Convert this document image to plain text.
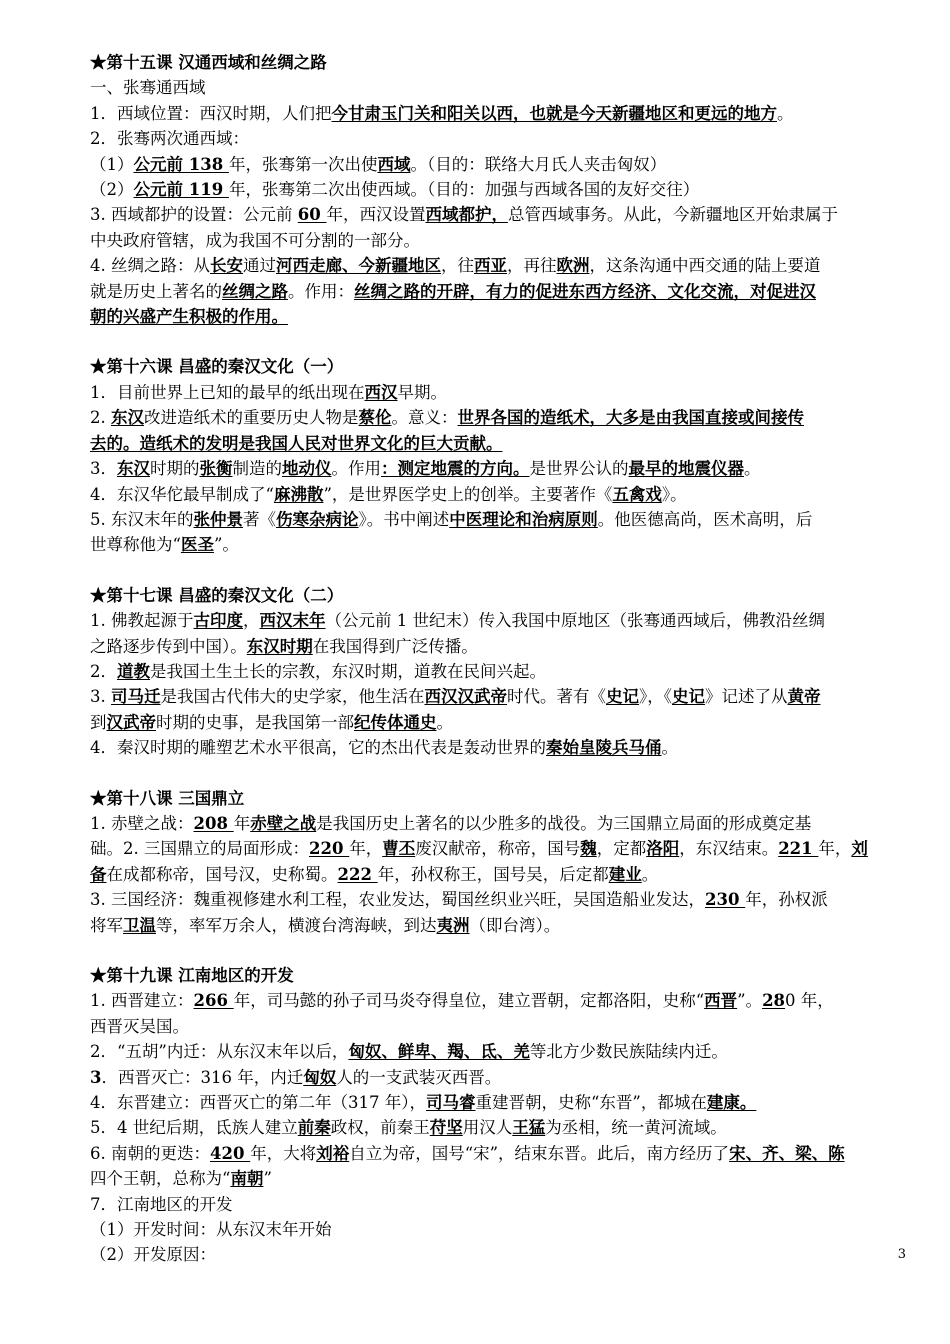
★第十五课 汉通西域和丝绸之路
一、张骞通西域
1．西域位置：西汉时期，人们把今甘肃玉门关和阳关以西，也就是今天新疆地区和更远的地方。
2．张骞两次通西域：
（1）公元前 138 年，张骞第一次出使西域。（目的：联络大月氏人夹击匈奴）
（2）公元前 119 年，张骞第二次出使西域。（目的：加强与西域各国的友好交往）
3. 西域都护的设置：公元前 60 年，西汉设置西域都护，总管西域事务。从此，今新疆地区开始隶属于
中央政府管辖，成为我国不可分割的一部分。
4. 丝绸之路：从长安通过河西走廊、今新疆地区，往西亚，再往欧洲，这条沟通中西交通的陆上要道
就是历史上著名的丝绸之路。作用：丝绸之路的开辟，有力的促进东西方经济、文化交流，对促进汉
朝的兴盛产生积极的作用。
★第十六课 昌盛的秦汉文化（一）
1．目前世界上已知的最早的纸出现在西汉早期。
2. 东汉改进造纸术的重要历史人物是蔡伦。意义：世界各国的造纸术，大多是由我国直接或间接传
去的。造纸术的发明是我国人民对世界文化的巨大贡献。
3．东汉时期的张衡制造的地动仪。作用：测定地震的方向。是世界公认的最早的地震仪器。
4．东汉华佗最早制成了“麻沸散”，是世界医学史上的创举。主要著作《五禽戏》。
5. 东汉末年的张仲景著《伤寒杂病论》。书中阐述中医理论和治病原则。他医德高尚，医术高明，后
世尊称他为“医圣”。
★第十七课 昌盛的秦汉文化（二）
1. 佛教起源于古印度，西汉末年（公元前 1 世纪末）传入我国中原地区（张骞通西域后，佛教沿丝绸
之路逐步传到中国）。东汉时期在我国得到广泛传播。
2．道教是我国土生土长的宗教，东汉时期，道教在民间兴起。
3. 司马迁是我国古代伟大的史学家，他生活在西汉汉武帝时代。著有《史记》，《史记》记述了从黄帝
到汉武帝时期的史事，是我国第一部纪传体通史。
4．秦汉时期的雕塑艺术水平很高，它的杰出代表是轰动世界的秦始皇陵兵马俑。
★第十八课 三国鼎立
1. 赤壁之战：208 年赤壁之战是我国历史上著名的以少胜多的战役。为三国鼎立局面的形成奠定基
础。2. 三国鼎立的局面形成：220 年，曹丕废汉献帝，称帝，国号魏，定都洛阳，东汉结束。221 年，刘
备在成都称帝，国号汉，史称蜀。222 年，孙权称王，国号吴，后定都建业。
3. 三国经济：魏重视修建水利工程，农业发达，蜀国丝织业兴旺，吴国造船业发达，230 年，孙权派
将军卫温等，率军万余人，横渡台湾海峡，到达夷洲（即台湾）。
★第十九课 江南地区的开发
1. 西晋建立：266 年，司马懿的孙子司马炎夺得皇位，建立晋朝，定都洛阳，史称“西晋”。280 年，
西晋灭吴国。
2．“五胡”内迁：从东汉末年以后，匈奴、鲜卑、羯、氐、羌等北方少数民族陆续内迁。
3．西晋灭亡：316 年，内迁匈奴人的一支武装灭西晋。
4．东晋建立：西晋灭亡的第二年（317 年），司马睿重建晋朝，史称“东晋”，都城在建康。
5．4 世纪后期，氐族人建立前秦政权，前秦王苻坚用汉人王猛为丞相，统一黄河流域。
6. 南朝的更迭：420 年，大将刘裕自立为帝，国号“宋”，结束东晋。此后，南方经历了宋、齐、梁、陈
四个王朝，总称为“南朝”
7．江南地区的开发
（1）开发时间：从东汉末年开始
（2）开发原因：	3
